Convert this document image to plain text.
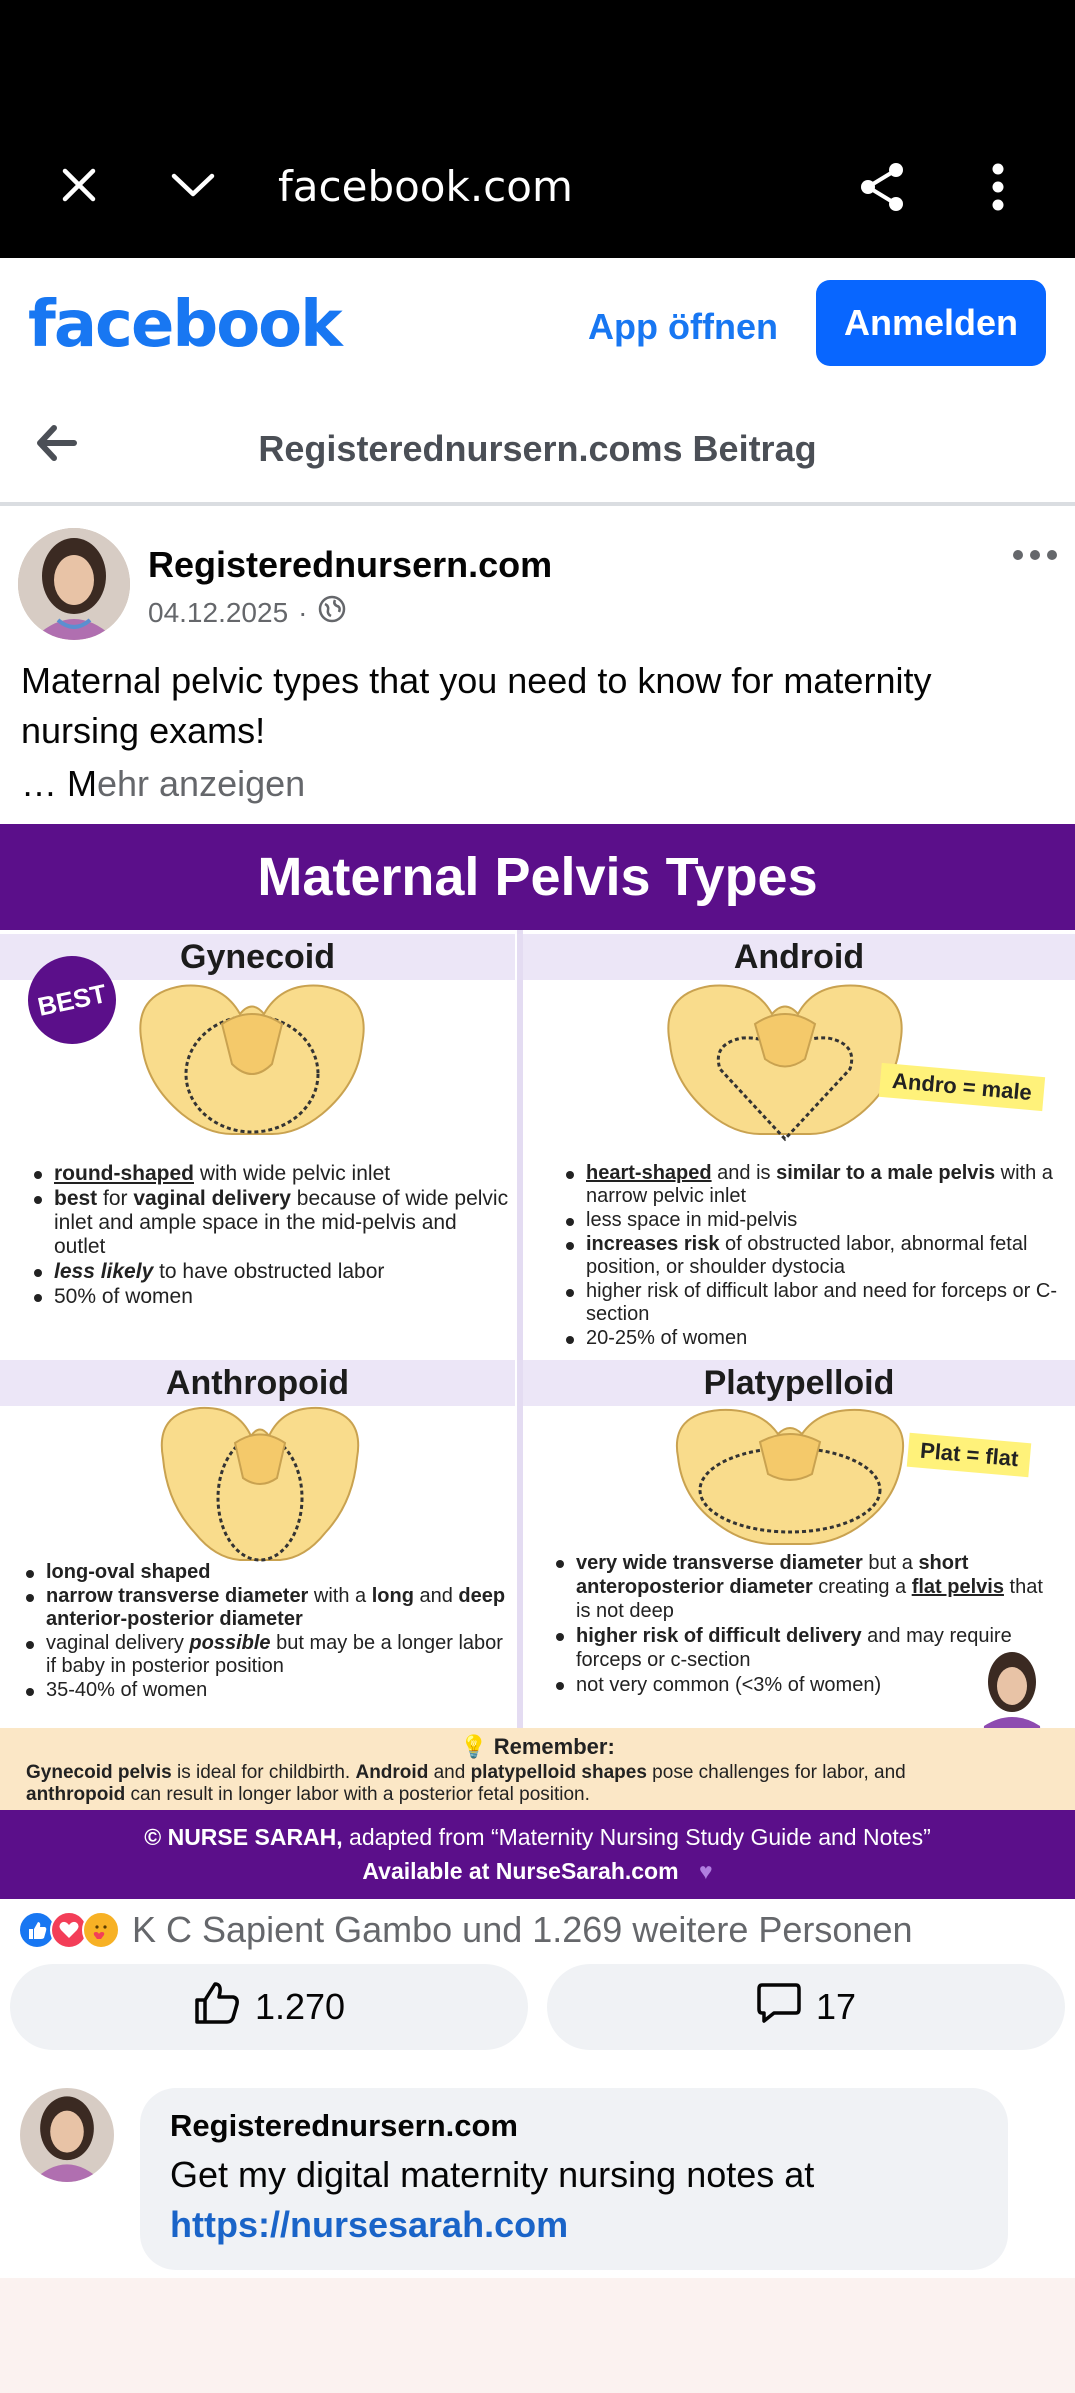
facebook.com
facebook	App öffnen	Anmelden
Registerednursern.coms Beitrag
Registerednursern.com
04.12.2025 ·
Maternal pelvic types that you need to know for maternity nursing exams!
… Mehr anzeigen
Maternal Pelvis Types
Gynecoid
BEST
round-shaped with wide pelvic inlet
best for vaginal delivery because of wide pelvic inlet and ample space in the mid-pelvis and outlet
less likely to have obstructed labor
50% of women
Android
Andro = male
heart-shaped and is similar to a male pelvis with a narrow pelvic inlet
less space in mid-pelvis
increases risk of obstructed labor, abnormal fetal position, or shoulder dystocia
higher risk of difficult labor and need for forceps or C-section
20-25% of women
Anthropoid
long-oval shaped
narrow transverse diameter with a long and deep anterior-posterior diameter
vaginal delivery possible but may be a longer labor if baby in posterior position
35-40% of women
Platypelloid
Plat = flat
very wide transverse diameter but a short anteroposterior diameter creating a flat pelvis that is not deep
higher risk of difficult delivery and may require forceps or c-section
not very common (<3% of women)
💡 Remember:
Gynecoid pelvis is ideal for childbirth. Android and platypelloid shapes pose challenges for labor, and anthropoid can result in longer labor with a posterior fetal position.
© NURSE SARAH, adapted from “Maternity Nursing Study Guide and Notes”
Available at NurseSarah.com ♥
K C Sapient Gambo und 1.269 weitere Personen
1.270	17
Registerednursern.com
Get my digital maternity nursing notes at https://nursesarah.com
